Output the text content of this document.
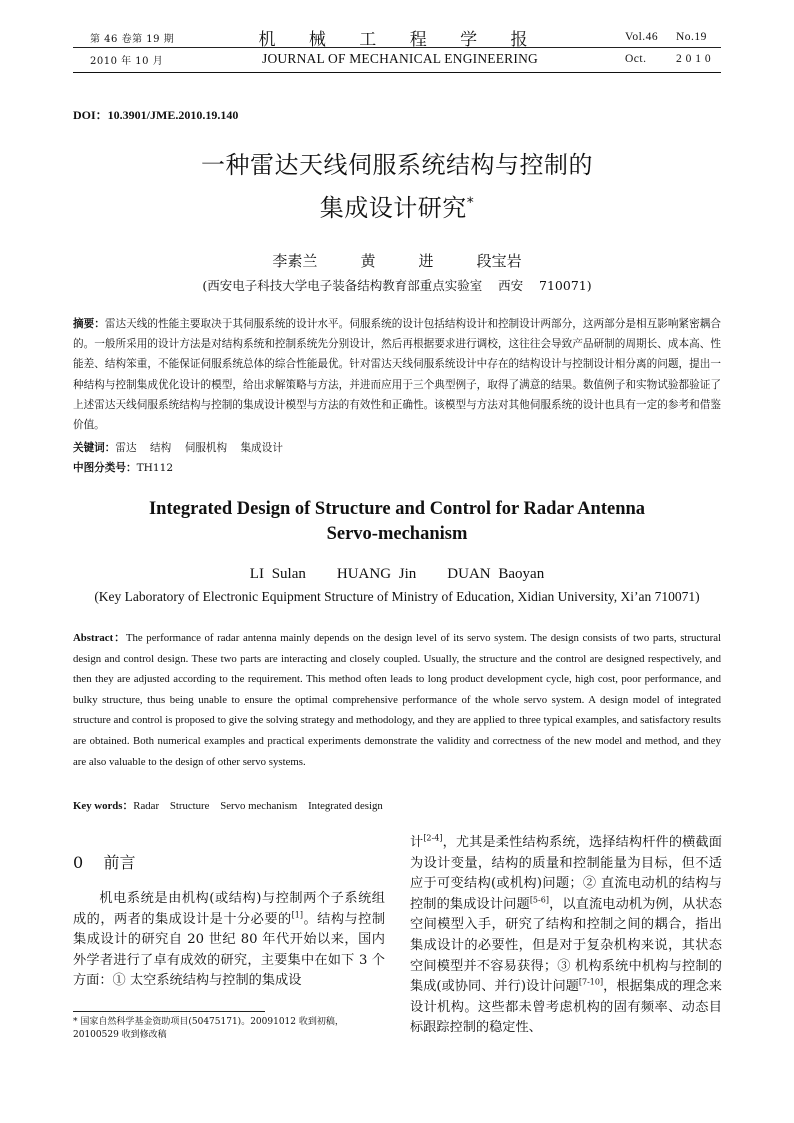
第 46 卷第 19 期
2010 年 10 月
机 械 工 程 学 报
JOURNAL OF MECHANICAL ENGINEERING
Vol.46 No.19
Oct.	2 0 1 0
DOI：10.3901/JME.2010.19.140
一种雷达天线伺服系统结构与控制的
集成设计研究*
李素兰    黄    进    段宝岩
(西安电子科技大学电子装备结构教育部重点实验室    西安    710071)
摘要：雷达天线的性能主要取决于其伺服系统的设计水平。伺服系统的设计包括结构设计和控制设计两部分，这两部分是相互影响紧密耦合的。一般所采用的设计方法是对结构系统和控制系统先分别设计，然后再根据要求进行调校，这往往会导致产品研制的周期长、成本高、性能差、结构笨重，不能保证伺服系统总体的综合性能最优。针对雷达天线伺服系统设计中存在的结构设计与控制设计相分离的问题，提出一种结构与控制集成优化设计的模型，给出求解策略与方法，并进而应用于三个典型例子，取得了满意的结果。数值例子和实物试验都验证了上述雷达天线伺服系统结构与控制的集成设计模型与方法的有效性和正确性。该模型与方法对其他伺服系统的设计也具有一定的参考和借鉴价值。
关键词：雷达    结构    伺服机构    集成设计
中图分类号：TH112
Integrated Design of Structure and Control for Radar Antenna
Servo-mechanism
LI Sulan    HUANG Jin    DUAN Baoyan
(Key Laboratory of Electronic Equipment Structure of Ministry of Education, Xidian University, Xi’an 710071)
Abstract：The performance of radar antenna mainly depends on the design level of its servo system. The design consists of two parts, structural design and control design. These two parts are interacting and closely coupled. Usually, the structure and the control are designed respectively, and then they are adjusted according to the requirement. This method often leads to long product development cycle, high cost, poor performance, and bulky structure, thus being unable to ensure the optimal comprehensive performance of the whole servo system. A design model of integrated structure and control is proposed to give the solving strategy and methodology, and they are applied to three typical examples, and satisfactory results are obtained. Both numerical examples and practical experiments demonstrate the validity and correctness of the new model and method, and they are also valuable to the design of other servo systems.
Key words：Radar    Structure    Servo mechanism    Integrated design
0    前言
机电系统是由机构(或结构)与控制两个子系统组成的，两者的集成设计是十分必要的[1]。结构与控制集成设计的研究自 20 世纪 80 年代开始以来，国内外学者进行了卓有成效的研究，主要集中在如下 3 个方面：① 太空系统结构与控制的集成设
* 国家自然科学基金资助项目(50475171)。20091012 收到初稿，20100529 收到修改稿
计[2-4]，尤其是柔性结构系统，选择结构杆件的横截面为设计变量，结构的质量和控制能量为目标，但不适应于可变结构(或机构)问题；② 直流电动机的结构与控制的集成设计问题[5-6]，以直流电动机为例，从状态空间模型入手，研究了结构和控制之间的耦合，指出集成设计的必要性，但是对于复杂机构来说，其状态空间模型并不容易获得；③ 机构系统中机构与控制的集成(或协同、并行)设计问题[7-10]，根据集成的理念来设计机构。这些都未曾考虑机构的固有频率、动态目标跟踪控制的稳定性、
